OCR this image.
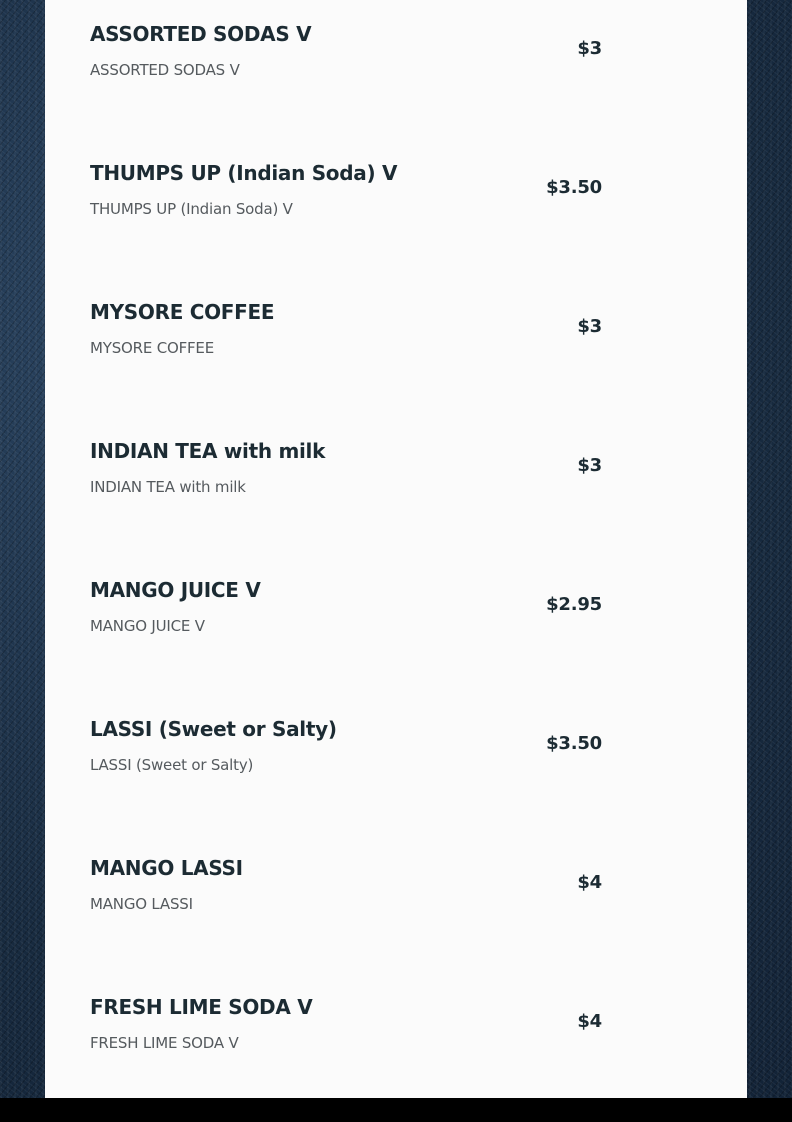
ASSORTED SODAS V

ASSORTED SODAS V

$3
THUMPS UP (Indian Soda) V

THUMPS UP (Indian Soda) V

$3.50
MYSORE COFFEE

MYSORE COFFEE

$3
INDIAN TEA with milk

INDIAN TEA with milk

$3
MANGO JUICE V

MANGO JUICE V

$2.95
LASSI (Sweet or Salty)

LASSI (Sweet or Salty)

$3.50
MANGO LASSI

MANGO LASSI

$4
FRESH LIME SODA V

FRESH LIME SODA V

$4
